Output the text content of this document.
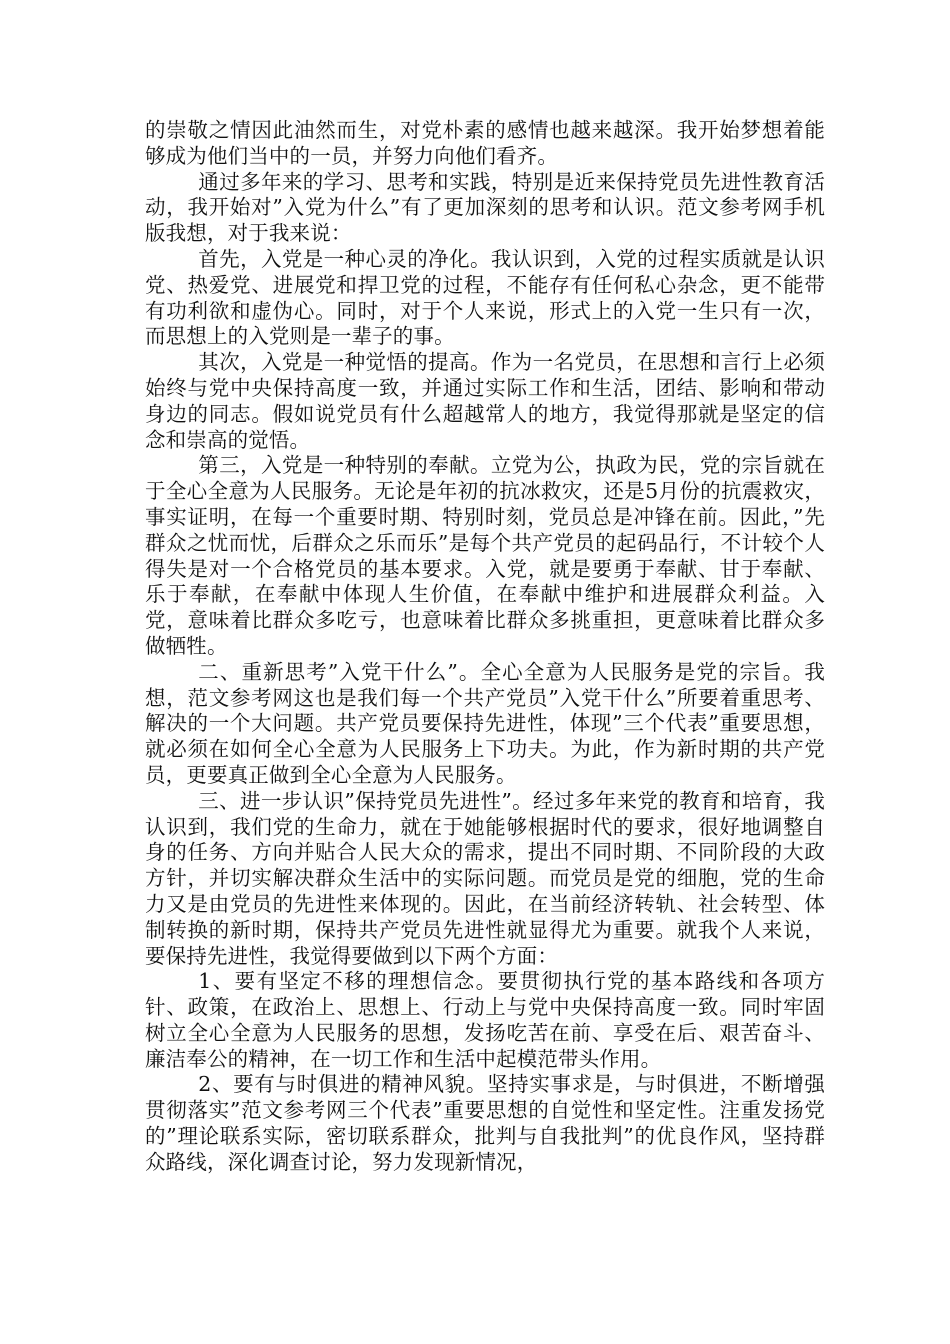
的崇敬之情因此油然而生，对党朴素的感情也越来越深。我开始梦想着能够成为他们当中的一员，并努力向他们看齐。

通过多年来的学习、思考和实践，特别是近来保持党员先进性教育活动，我开始对”入党为什么”有了更加深刻的思考和认识。范文参考网手机版我想，对于我来说：

首先，入党是一种心灵的净化。我认识到，入党的过程实质就是认识党、热爱党、进展党和捍卫党的过程，不能存有任何私心杂念，更不能带有功利欲和虚伪心。同时，对于个人来说，形式上的入党一生只有一次，而思想上的入党则是一辈子的事。

其次，入党是一种觉悟的提高。作为一名党员，在思想和言行上必须始终与党中央保持高度一致，并通过实际工作和生活，团结、影响和带动身边的同志。假如说党员有什么超越常人的地方，我觉得那就是坚定的信念和崇高的觉悟。

第三，入党是一种特别的奉献。立党为公，执政为民，党的宗旨就在于全心全意为人民服务。无论是年初的抗冰救灾，还是5月份的抗震救灾，事实证明，在每一个重要时期、特别时刻，党员总是冲锋在前。因此，”先群众之忧而忧，后群众之乐而乐”是每个共产党员的起码品行，不计较个人得失是对一个合格党员的基本要求。入党，就是要勇于奉献、甘于奉献、乐于奉献，在奉献中体现人生价值，在奉献中维护和进展群众利益。入党，意味着比群众多吃亏，也意味着比群众多挑重担，更意味着比群众多做牺牲。

二、重新思考”入党干什么”。全心全意为人民服务是党的宗旨。我想，范文参考网这也是我们每一个共产党员”入党干什么”所要着重思考、解决的一个大问题。共产党员要保持先进性，体现”三个代表”重要思想，就必须在如何全心全意为人民服务上下功夫。为此，作为新时期的共产党员，更要真正做到全心全意为人民服务。

三、进一步认识”保持党员先进性”。经过多年来党的教育和培育，我认识到，我们党的生命力，就在于她能够根据时代的要求，很好地调整自身的任务、方向并贴合人民大众的需求，提出不同时期、不同阶段的大政方针，并切实解决群众生活中的实际问题。而党员是党的细胞，党的生命力又是由党员的先进性来体现的。因此，在当前经济转轨、社会转型、体制转换的新时期，保持共产党员先进性就显得尤为重要。就我个人来说，要保持先进性，我觉得要做到以下两个方面：

1、要有坚定不移的理想信念。要贯彻执行党的基本路线和各项方针、政策，在政治上、思想上、行动上与党中央保持高度一致。同时牢固树立全心全意为人民服务的思想，发扬吃苦在前、享受在后、艰苦奋斗、廉洁奉公的精神，在一切工作和生活中起模范带头作用。

2、要有与时俱进的精神风貌。坚持实事求是，与时俱进，不断增强贯彻落实”范文参考网三个代表”重要思想的自觉性和坚定性。注重发扬党的”理论联系实际，密切联系群众，批判与自我批判”的优良作风，坚持群众路线，深化调查讨论，努力发现新情况，
